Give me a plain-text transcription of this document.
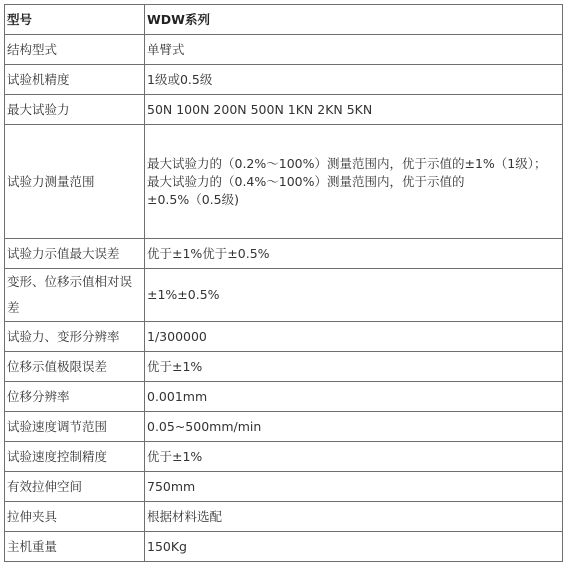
型号	WDW系列
结构型式	单臂式
试验机精度	1级或0.5级
最大试验力	50N 100N 200N 500N 1KN 2KN 5KN
试验力测量范围	最大试验力的（0.2%～100%）测量范围内，优于示值的±1%（1级）；
最大试验力的（0.4%～100%）测量范围内，优于示值的
±0.5%（0.5级)

试验力示值最大误差	优于±1%优于±0.5%
变形、位移示值相对误差	±1%±0.5%
试验力、变形分辨率	1/300000
位移示值极限误差	优于±1%
位移分辨率	0.001mm
试验速度调节范围	0.05~500mm/min
试验速度控制精度	优于±1%
有效拉伸空间	750mm
拉伸夹具	根据材料选配
主机重量	150Kg
